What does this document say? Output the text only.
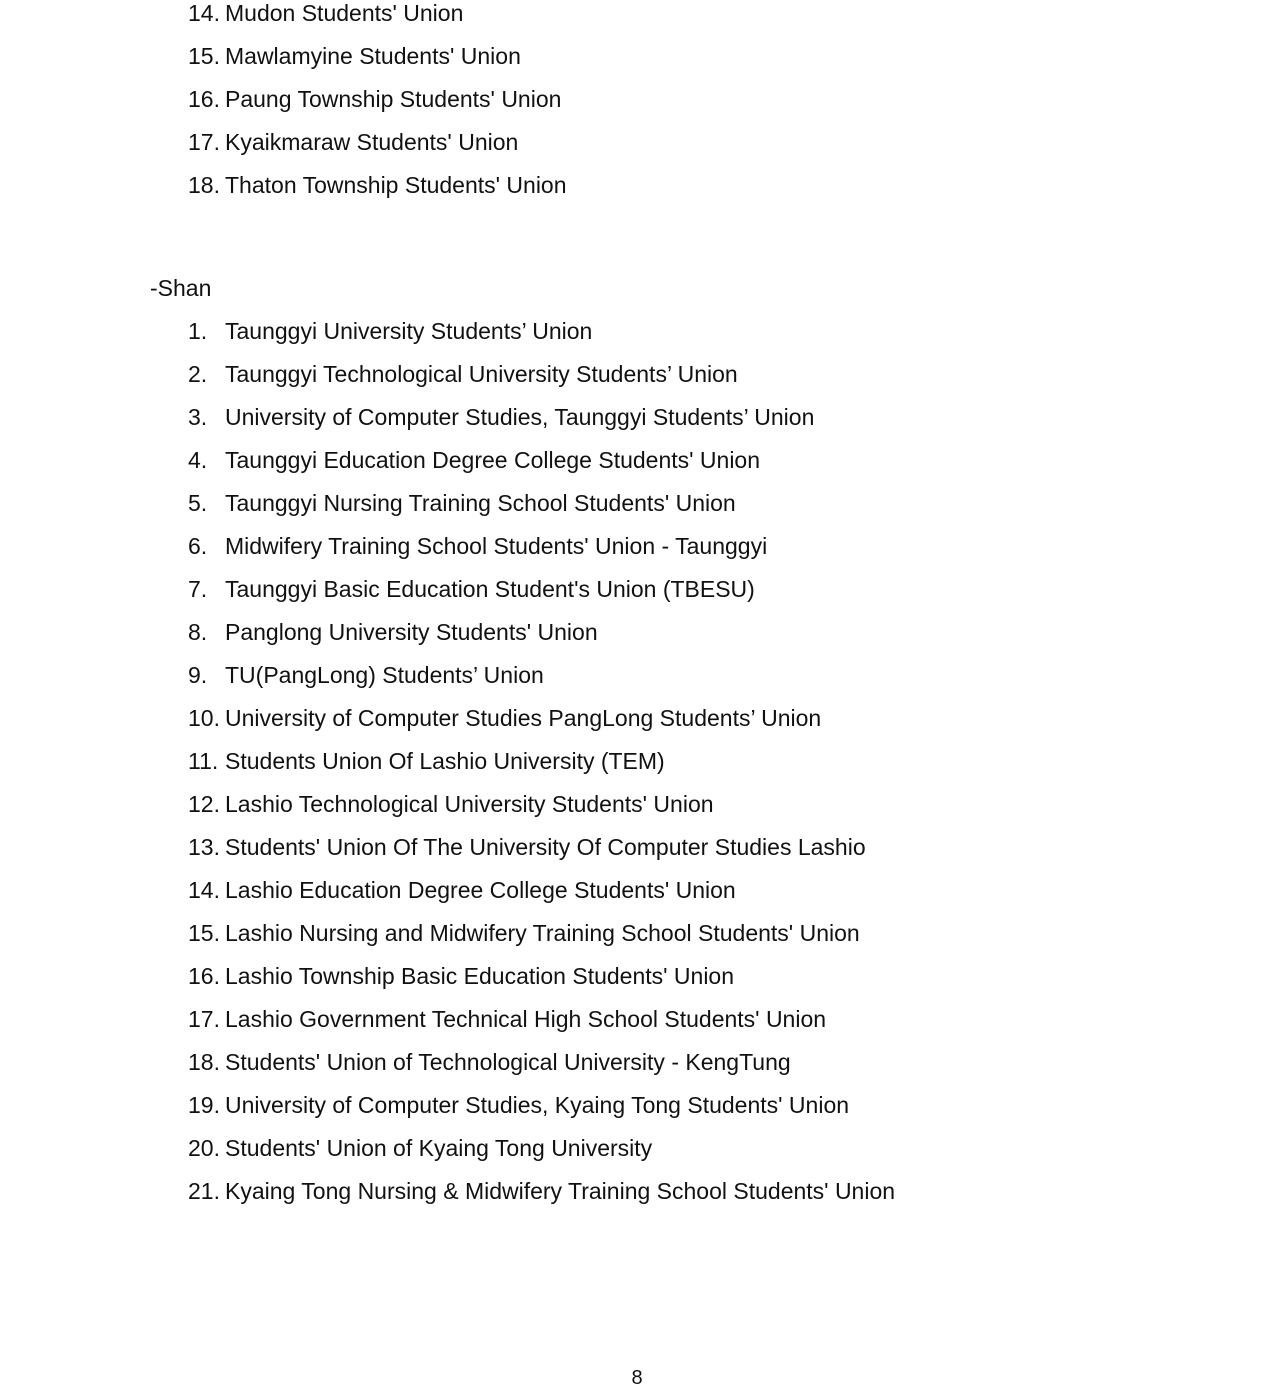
14. Mudon Students' Union
15. Mawlamyine Students' Union
16. Paung Township Students' Union
17. Kyaikmaraw Students' Union
18. Thaton Township Students' Union
-Shan
1. Taunggyi University Students’ Union
2. Taunggyi Technological University Students’ Union
3. University of Computer Studies, Taunggyi Students’ Union
4. Taunggyi Education Degree College Students' Union
5. Taunggyi Nursing Training School Students' Union
6. Midwifery Training School Students' Union - Taunggyi
7. Taunggyi Basic Education Student's Union (TBESU)
8. Panglong University Students' Union
9. TU(PangLong) Students’ Union
10. University of Computer Studies PangLong Students’ Union
11. Students Union Of Lashio University (TEM)
12. Lashio Technological University Students' Union
13. Students' Union Of The University Of Computer Studies Lashio
14. Lashio Education Degree College Students' Union
15. Lashio Nursing and Midwifery Training School Students' Union
16. Lashio Township Basic Education Students' Union
17. Lashio Government Technical High School Students' Union
18. Students' Union of Technological University - KengTung
19. University of Computer Studies, Kyaing Tong Students' Union
20. Students' Union of Kyaing Tong University
21. Kyaing Tong Nursing & Midwifery Training School Students' Union
8
